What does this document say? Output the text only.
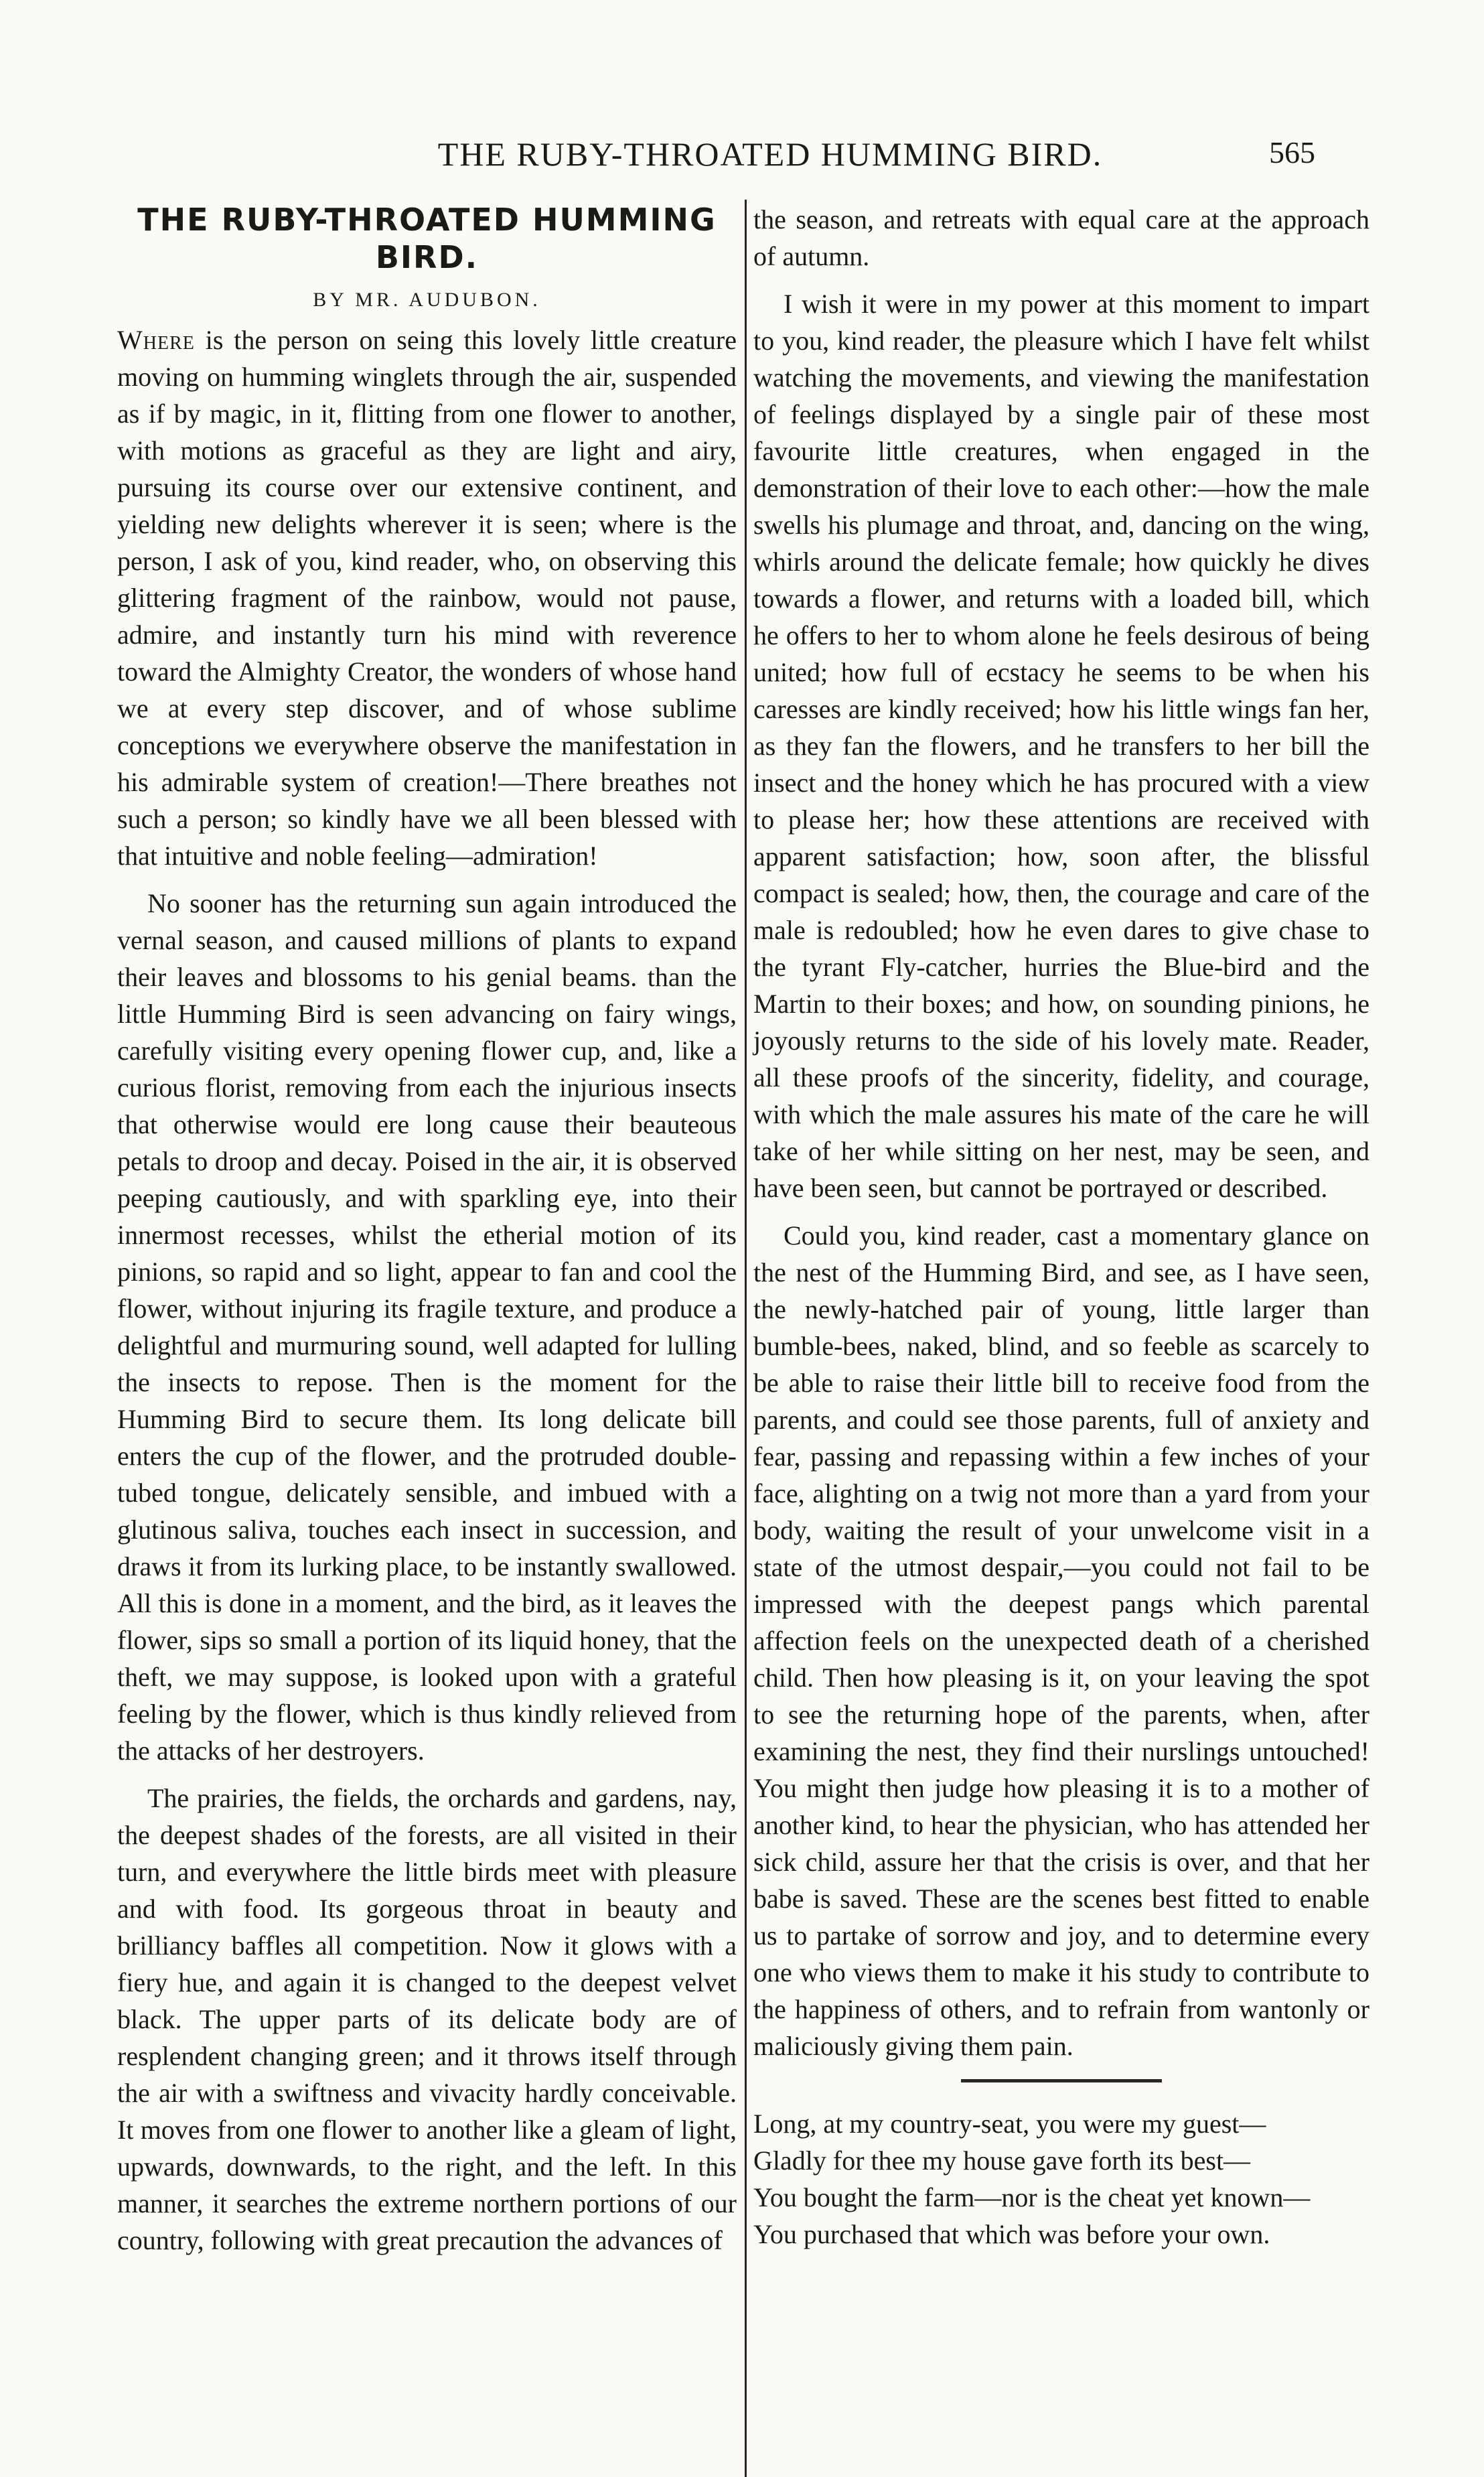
THE RUBY-THROATED HUMMING BIRD.	565
THE RUBY-THROATED HUMMING BIRD.
BY MR. AUDUBON.

Where is the person on seing this lovely little creature moving on humming winglets through the air, suspended as if by magic, in it, flitting from one flower to another, with motions as graceful as they are light and airy, pursuing its course over our extensive continent, and yielding new delights wherever it is seen; where is the person, I ask of you, kind reader, who, on observing this glittering fragment of the rainbow, would not pause, admire, and instantly turn his mind with reverence toward the Almighty Creator, the wonders of whose hand we at every step discover, and of whose sublime conceptions we everywhere observe the manifestation in his admirable system of creation!—There breathes not such a person; so kindly have we all been blessed with that intuitive and noble feeling—admiration!

No sooner has the returning sun again introduced the vernal season, and caused millions of plants to expand their leaves and blossoms to his genial beams. than the little Humming Bird is seen advancing on fairy wings, carefully visiting every opening flower cup, and, like a curious florist, removing from each the injurious insects that otherwise would ere long cause their beauteous petals to droop and decay. Poised in the air, it is observed peeping cautiously, and with sparkling eye, into their innermost recesses, whilst the etherial motion of its pinions, so rapid and so light, appear to fan and cool the flower, without injuring its fragile texture, and produce a delightful and murmuring sound, well adapted for lulling the insects to repose. Then is the moment for the Humming Bird to secure them. Its long delicate bill enters the cup of the flower, and the protruded double-tubed tongue, delicately sensible, and imbued with a glutinous saliva, touches each insect in succession, and draws it from its lurking place, to be instantly swallowed. All this is done in a moment, and the bird, as it leaves the flower, sips so small a portion of its liquid honey, that the theft, we may suppose, is looked upon with a grateful feeling by the flower, which is thus kindly relieved from the attacks of her destroyers.

The prairies, the fields, the orchards and gardens, nay, the deepest shades of the forests, are all visited in their turn, and everywhere the little birds meet with pleasure and with food. Its gorgeous throat in beauty and brilliancy baffles all competition. Now it glows with a fiery hue, and again it is changed to the deepest velvet black. The upper parts of its delicate body are of resplendent changing green; and it throws itself through the air with a swiftness and vivacity hardly conceivable. It moves from one flower to another like a gleam of light, upwards, downwards, to the right, and the left. In this manner, it searches the extreme northern portions of our country, following with great precaution the advances of

the season, and retreats with equal care at the approach of autumn.

I wish it were in my power at this moment to impart to you, kind reader, the pleasure which I have felt whilst watching the movements, and viewing the manifestation of feelings displayed by a single pair of these most favourite little creatures, when engaged in the demonstration of their love to each other:—how the male swells his plumage and throat, and, dancing on the wing, whirls around the delicate female; how quickly he dives towards a flower, and returns with a loaded bill, which he offers to her to whom alone he feels desirous of being united; how full of ecstacy he seems to be when his caresses are kindly received; how his little wings fan her, as they fan the flowers, and he transfers to her bill the insect and the honey which he has procured with a view to please her; how these attentions are received with apparent satisfaction; how, soon after, the blissful compact is sealed; how, then, the courage and care of the male is redoubled; how he even dares to give chase to the tyrant Fly-catcher, hurries the Blue-bird and the Martin to their boxes; and how, on sounding pinions, he joyously returns to the side of his lovely mate. Reader, all these proofs of the sincerity, fidelity, and courage, with which the male assures his mate of the care he will take of her while sitting on her nest, may be seen, and have been seen, but cannot be portrayed or described.

Could you, kind reader, cast a momentary glance on the nest of the Humming Bird, and see, as I have seen, the newly-hatched pair of young, little larger than bumble-bees, naked, blind, and so feeble as scarcely to be able to raise their little bill to receive food from the parents, and could see those parents, full of anxiety and fear, passing and repassing within a few inches of your face, alighting on a twig not more than a yard from your body, waiting the result of your unwelcome visit in a state of the utmost despair,—you could not fail to be impressed with the deepest pangs which parental affection feels on the unexpected death of a cherished child. Then how pleasing is it, on your leaving the spot to see the returning hope of the parents, when, after examining the nest, they find their nurslings untouched! You might then judge how pleasing it is to a mother of another kind, to hear the physician, who has attended her sick child, assure her that the crisis is over, and that her babe is saved. These are the scenes best fitted to enable us to partake of sorrow and joy, and to determine every one who views them to make it his study to contribute to the happiness of others, and to refrain from wantonly or maliciously giving them pain.

Long, at my country-seat, you were my guest—
Gladly for thee my house gave forth its best—
You bought the farm—nor is the cheat yet known—
You purchased that which was before your own.
